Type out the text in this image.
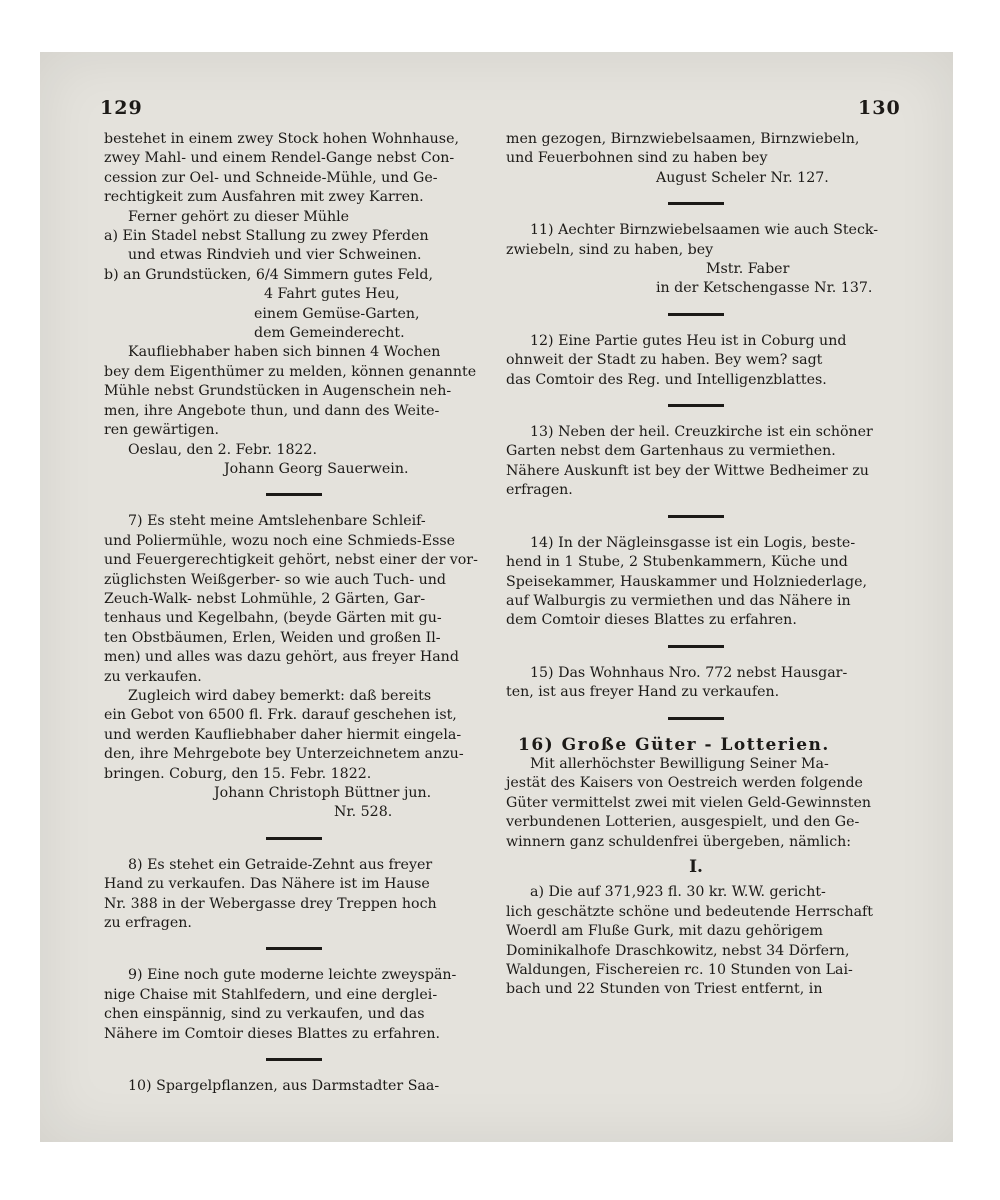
129	130
bestehet in einem zwey Stock hohen Wohnhause,
zwey Mahl- und einem Rendel-Gange nebst Con-
cession zur Oel- und Schneide-Mühle, und Ge-
rechtigkeit zum Ausfahren mit zwey Karren.
Ferner gehört zu dieser Mühle
a) Ein Stadel nebst Stallung zu zwey Pferden
und etwas Rindvieh und vier Schweinen.
b) an Grundstücken, 6/4 Simmern gutes Feld,
4 Fahrt gutes Heu,
einem Gemüse-Garten,
dem Gemeinderecht.
Kaufliebhaber haben sich binnen 4 Wochen
bey dem Eigenthümer zu melden, können genannte
Mühle nebst Grundstücken in Augenschein neh-
men, ihre Angebote thun, und dann des Weite-
ren gewärtigen.
Oeslau, den 2. Febr. 1822.
Johann Georg Sauerwein.
7) Es steht meine Amtslehenbare Schleif-
und Poliermühle, wozu noch eine Schmieds-Esse
und Feuergerechtigkeit gehört, nebst einer der vor-
züglichsten Weißgerber- so wie auch Tuch- und
Zeuch-Walk- nebst Lohmühle, 2 Gärten, Gar-
tenhaus und Kegelbahn, (beyde Gärten mit gu-
ten Obstbäumen, Erlen, Weiden und großen Il-
men) und alles was dazu gehört, aus freyer Hand
zu verkaufen.
Zugleich wird dabey bemerkt: daß bereits
ein Gebot von 6500 fl. Frk. darauf geschehen ist,
und werden Kaufliebhaber daher hiermit eingela-
den, ihre Mehrgebote bey Unterzeichnetem anzu-
bringen. Coburg, den 15. Febr. 1822.
Johann Christoph Büttner jun.
Nr. 528.
8) Es stehet ein Getraide-Zehnt aus freyer
Hand zu verkaufen. Das Nähere ist im Hause
Nr. 388 in der Webergasse drey Treppen hoch
zu erfragen.
9) Eine noch gute moderne leichte zweyspän-
nige Chaise mit Stahlfedern, und eine derglei-
chen einspännig, sind zu verkaufen, und das
Nähere im Comtoir dieses Blattes zu erfahren.
10) Spargelpflanzen, aus Darmstadter Saa-
men gezogen, Birnzwiebelsaamen, Birnzwiebeln,
und Feuerbohnen sind zu haben bey
August Scheler Nr. 127.
11) Aechter Birnzwiebelsaamen wie auch Steck-
zwiebeln, sind zu haben, bey
Mstr. Faber
in der Ketschengasse Nr. 137.
12) Eine Partie gutes Heu ist in Coburg und
ohnweit der Stadt zu haben. Bey wem? sagt
das Comtoir des Reg. und Intelligenzblattes.
13) Neben der heil. Creuzkirche ist ein schöner
Garten nebst dem Gartenhaus zu vermiethen.
Nähere Auskunft ist bey der Wittwe Bedheimer zu
erfragen.
14) In der Nägleinsgasse ist ein Logis, beste-
hend in 1 Stube, 2 Stubenkammern, Küche und
Speisekammer, Hauskammer und Holzniederlage,
auf Walburgis zu vermiethen und das Nähere in
dem Comtoir dieses Blattes zu erfahren.
15) Das Wohnhaus Nro. 772 nebst Hausgar-
ten, ist aus freyer Hand zu verkaufen.
16) Große Güter - Lotterien.
Mit allerhöchster Bewilligung Seiner Ma-
jestät des Kaisers von Oestreich werden folgende
Güter vermittelst zwei mit vielen Geld-Gewinnsten
verbundenen Lotterien, ausgespielt, und den Ge-
winnern ganz schuldenfrei übergeben, nämlich:
I.
a) Die auf 371,923 fl. 30 kr. W.W. gericht-
lich geschätzte schöne und bedeutende Herrschaft
Woerdl am Fluße Gurk, mit dazu gehörigem
Dominikalhofe Draschkowitz, nebst 34 Dörfern,
Waldungen, Fischereien rc. 10 Stunden von Lai-
bach und 22 Stunden von Triest entfernt, in
